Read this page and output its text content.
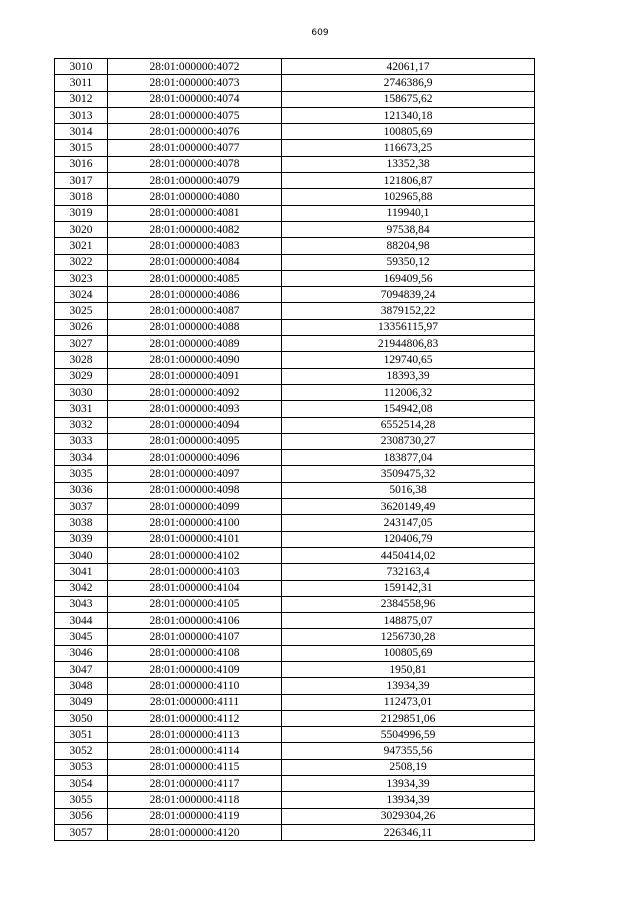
609
3010	28:01:000000:4072	42061,17
3011	28:01:000000:4073	2746386,9
3012	28:01:000000:4074	158675,62
3013	28:01:000000:4075	121340,18
3014	28:01:000000:4076	100805,69
3015	28:01:000000:4077	116673,25
3016	28:01:000000:4078	13352,38
3017	28:01:000000:4079	121806,87
3018	28:01:000000:4080	102965,88
3019	28:01:000000:4081	119940,1
3020	28:01:000000:4082	97538,84
3021	28:01:000000:4083	88204,98
3022	28:01:000000:4084	59350,12
3023	28:01:000000:4085	169409,56
3024	28:01:000000:4086	7094839,24
3025	28:01:000000:4087	3879152,22
3026	28:01:000000:4088	13356115,97
3027	28:01:000000:4089	21944806,83
3028	28:01:000000:4090	129740,65
3029	28:01:000000:4091	18393,39
3030	28:01:000000:4092	112006,32
3031	28:01:000000:4093	154942,08
3032	28:01:000000:4094	6552514,28
3033	28:01:000000:4095	2308730,27
3034	28:01:000000:4096	183877,04
3035	28:01:000000:4097	3509475,32
3036	28:01:000000:4098	5016,38
3037	28:01:000000:4099	3620149,49
3038	28:01:000000:4100	243147,05
3039	28:01:000000:4101	120406,79
3040	28:01:000000:4102	4450414,02
3041	28:01:000000:4103	732163,4
3042	28:01:000000:4104	159142,31
3043	28:01:000000:4105	2384558,96
3044	28:01:000000:4106	148875,07
3045	28:01:000000:4107	1256730,28
3046	28:01:000000:4108	100805,69
3047	28:01:000000:4109	1950,81
3048	28:01:000000:4110	13934,39
3049	28:01:000000:4111	112473,01
3050	28:01:000000:4112	2129851,06
3051	28:01:000000:4113	5504996,59
3052	28:01:000000:4114	947355,56
3053	28:01:000000:4115	2508,19
3054	28:01:000000:4117	13934,39
3055	28:01:000000:4118	13934,39
3056	28:01:000000:4119	3029304,26
3057	28:01:000000:4120	226346,11
